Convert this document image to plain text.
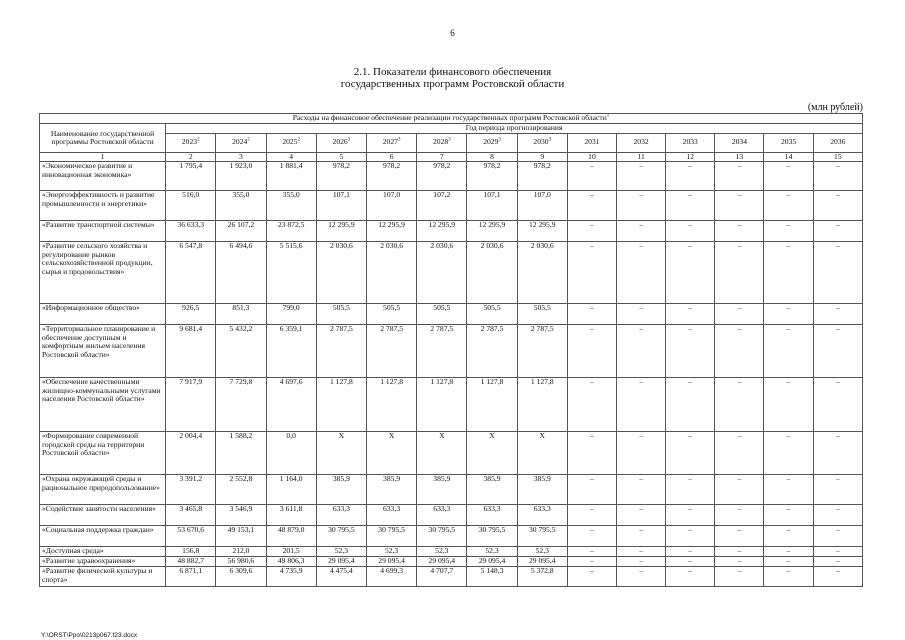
6
2.1. Показатели финансового обеспечения
государственных программ Ростовской области
(млн рублей)
Расходы на финансовое обеспечение реализации государственных программ Ростовской области$^1$
Наименование государственной программы Ростовской области	Год периода прогнозирования													
	2023$^2$	2024$^2$	2025$^2$	2026$^3$	2027$^3$	2028$^3$	2029$^3$	2030$^3$	2031	2032	2033	2034	2035	2036
1	2	3	4	5	6	7	8	9	10	11	12	13	14	15
«Экономическое развитие и инновационная экономика»	1 795,4	1 923,0	1 881,4	978,2	978,2	978,2	978,2	978,2	–	–	–	–	–	–
«Энергоэффективность и развитие промышленности и энергетики»	516,0	355,0	355,0	107,1	107,0	107,2	107,1	107,0	–	–	–	–	–	–
«Развитие транспортной системы»	36 633,3	26 107,2	23 872,5	12 295,9	12 295,9	12 295,9	12 295,9	12 295,9	–	–	–	–	–	–
«Развитие сельского хозяйства и регулирование рынков сельскохозяйственной продукции, сырья и продовольствия»	6 547,8	6 494,6	5 515,6	2 030,6	2 030,6	2 030,6	2 030,6	2 030,6	–	–	–	–	–	–
«Информационное общество»	926,5	851,3	799,0	505,5	505,5	505,5	505,5	505,5	–	–	–	–	–	–
«Территориальное планирование и обеспечение доступным и комфортным жильем населения Ростовской области»	9 681,4	5 432,2	6 359,1	2 787,5	2 787,5	2 787,5	2 787,5	2 787,5	–	–	–	–	–	–
«Обеспечение качественными жилищно-коммунальными услугами населения Ростовской области»	7 917,9	7 729,8	4 697,6	1 127,8	1 127,8	1 127,8	1 127,8	1 127,8	–	–	–	–	–	–
«Формирование современной городской среды на территории Ростовской области»	2 004,4	1 588,2	0,0	Х	Х	Х	Х	Х	–	–	–	–	–	–
«Охрана окружающей среды и рациональное природопользование»	3 391,2	2 552,8	1 164,0	385,9	385,9	385,9	385,9	385,9	–	–	–	–	–	–
«Содействие занятости населения»	3 465,8	3 546,9	3 611,8	633,3	633,3	633,3	633,3	633,3	–	–	–	–	–	–
«Социальная поддержка граждан»	53 670,6	49 153,1	48 879,0	30 795,5	30 795,5	30 795,5	30 795,5	30 795,5	–	–	–	–	–	–
«Доступная среда»	156,8	212,0	201,5	52,3	52,3	52,3	52,3	52,3	–	–	–	–	–	–
«Развитие здравоохранения»	48 882,7	56 980,6	49 806,3	29 095,4	29 095,4	29 095,4	29 095,4	29 095,4	–	–	–	–	–	–
«Развитие физической культуры и спорта»	6 871,1	6 309,6	4 735,9	4 475,4	4 699,3	4 707,7	5 148,3	5 372,8	–	–	–	–	–	–
Y:\ORST\Ppo\0213p067.f23.docx
